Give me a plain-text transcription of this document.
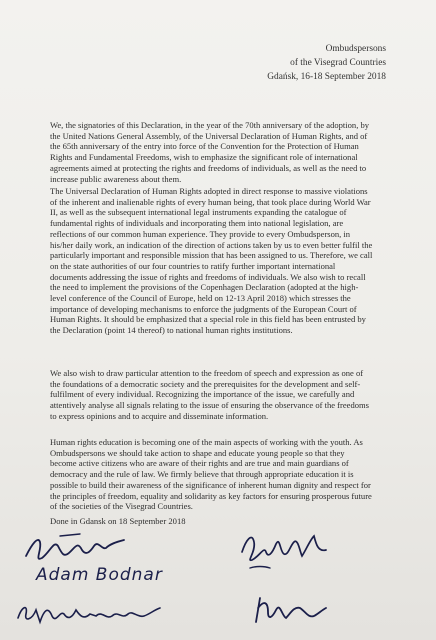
Ombudspersons
of the Visegrad Countries
Gdańsk, 16-18 September 2018
We, the signatories of this Declaration, in the year of the 70th anniversary of the adoption, by
the United Nations General Assembly, of the Universal Declaration of Human Rights, and of
the 65th anniversary of the entry into force of the Convention for the Protection of Human
Rights and Fundamental Freedoms, wish to emphasize the significant role of international
agreements aimed at protecting the rights and freedoms of individuals, as well as the need to
increase public awareness about them.
The Universal Declaration of Human Rights adopted in direct response to massive violations
of the inherent and inalienable rights of every human being, that took place during World War
II, as well as the subsequent international legal instruments expanding the catalogue of
fundamental rights of individuals and incorporating them into national legislation, are
reflections of our common human experience. They provide to every Ombudsperson, in
his/her daily work, an indication of the direction of actions taken by us to even better fulfil the
particularly important and responsible mission that has been assigned to us. Therefore, we call
on the state authorities of our four countries to ratify further important international
documents addressing the issue of rights and freedoms of individuals. We also wish to recall
the need to implement the provisions of the Copenhagen Declaration (adopted at the high-
level conference of the Council of Europe, held on 12-13 April 2018) which stresses the
importance of developing mechanisms to enforce the judgments of the European Court of
Human Rights. It should be emphasized that a special role in this field has been entrusted by
the Declaration (point 14 thereof) to national human rights institutions.
We also wish to draw particular attention to the freedom of speech and expression as one of
the foundations of a democratic society and the prerequisites for the development and self-
fulfilment of every individual. Recognizing the importance of the issue, we carefully and
attentively analyse all signals relating to the issue of ensuring the observance of the freedoms
to express opinions and to acquire and disseminate information.
Human rights education is becoming one of the main aspects of working with the youth. As
Ombudspersons we should take action to shape and educate young people so that they
become active citizens who are aware of their rights and are true and main guardians of
democracy and the rule of law. We firmly believe that through appropriate education it is
possible to build their awareness of the significance of inherent human dignity and respect for
the principles of freedom, equality and solidarity as key factors for ensuring prosperous future
of the societies of the Visegrad Countries.
Done in Gdansk on 18 September 2018
Adam Bodnar
